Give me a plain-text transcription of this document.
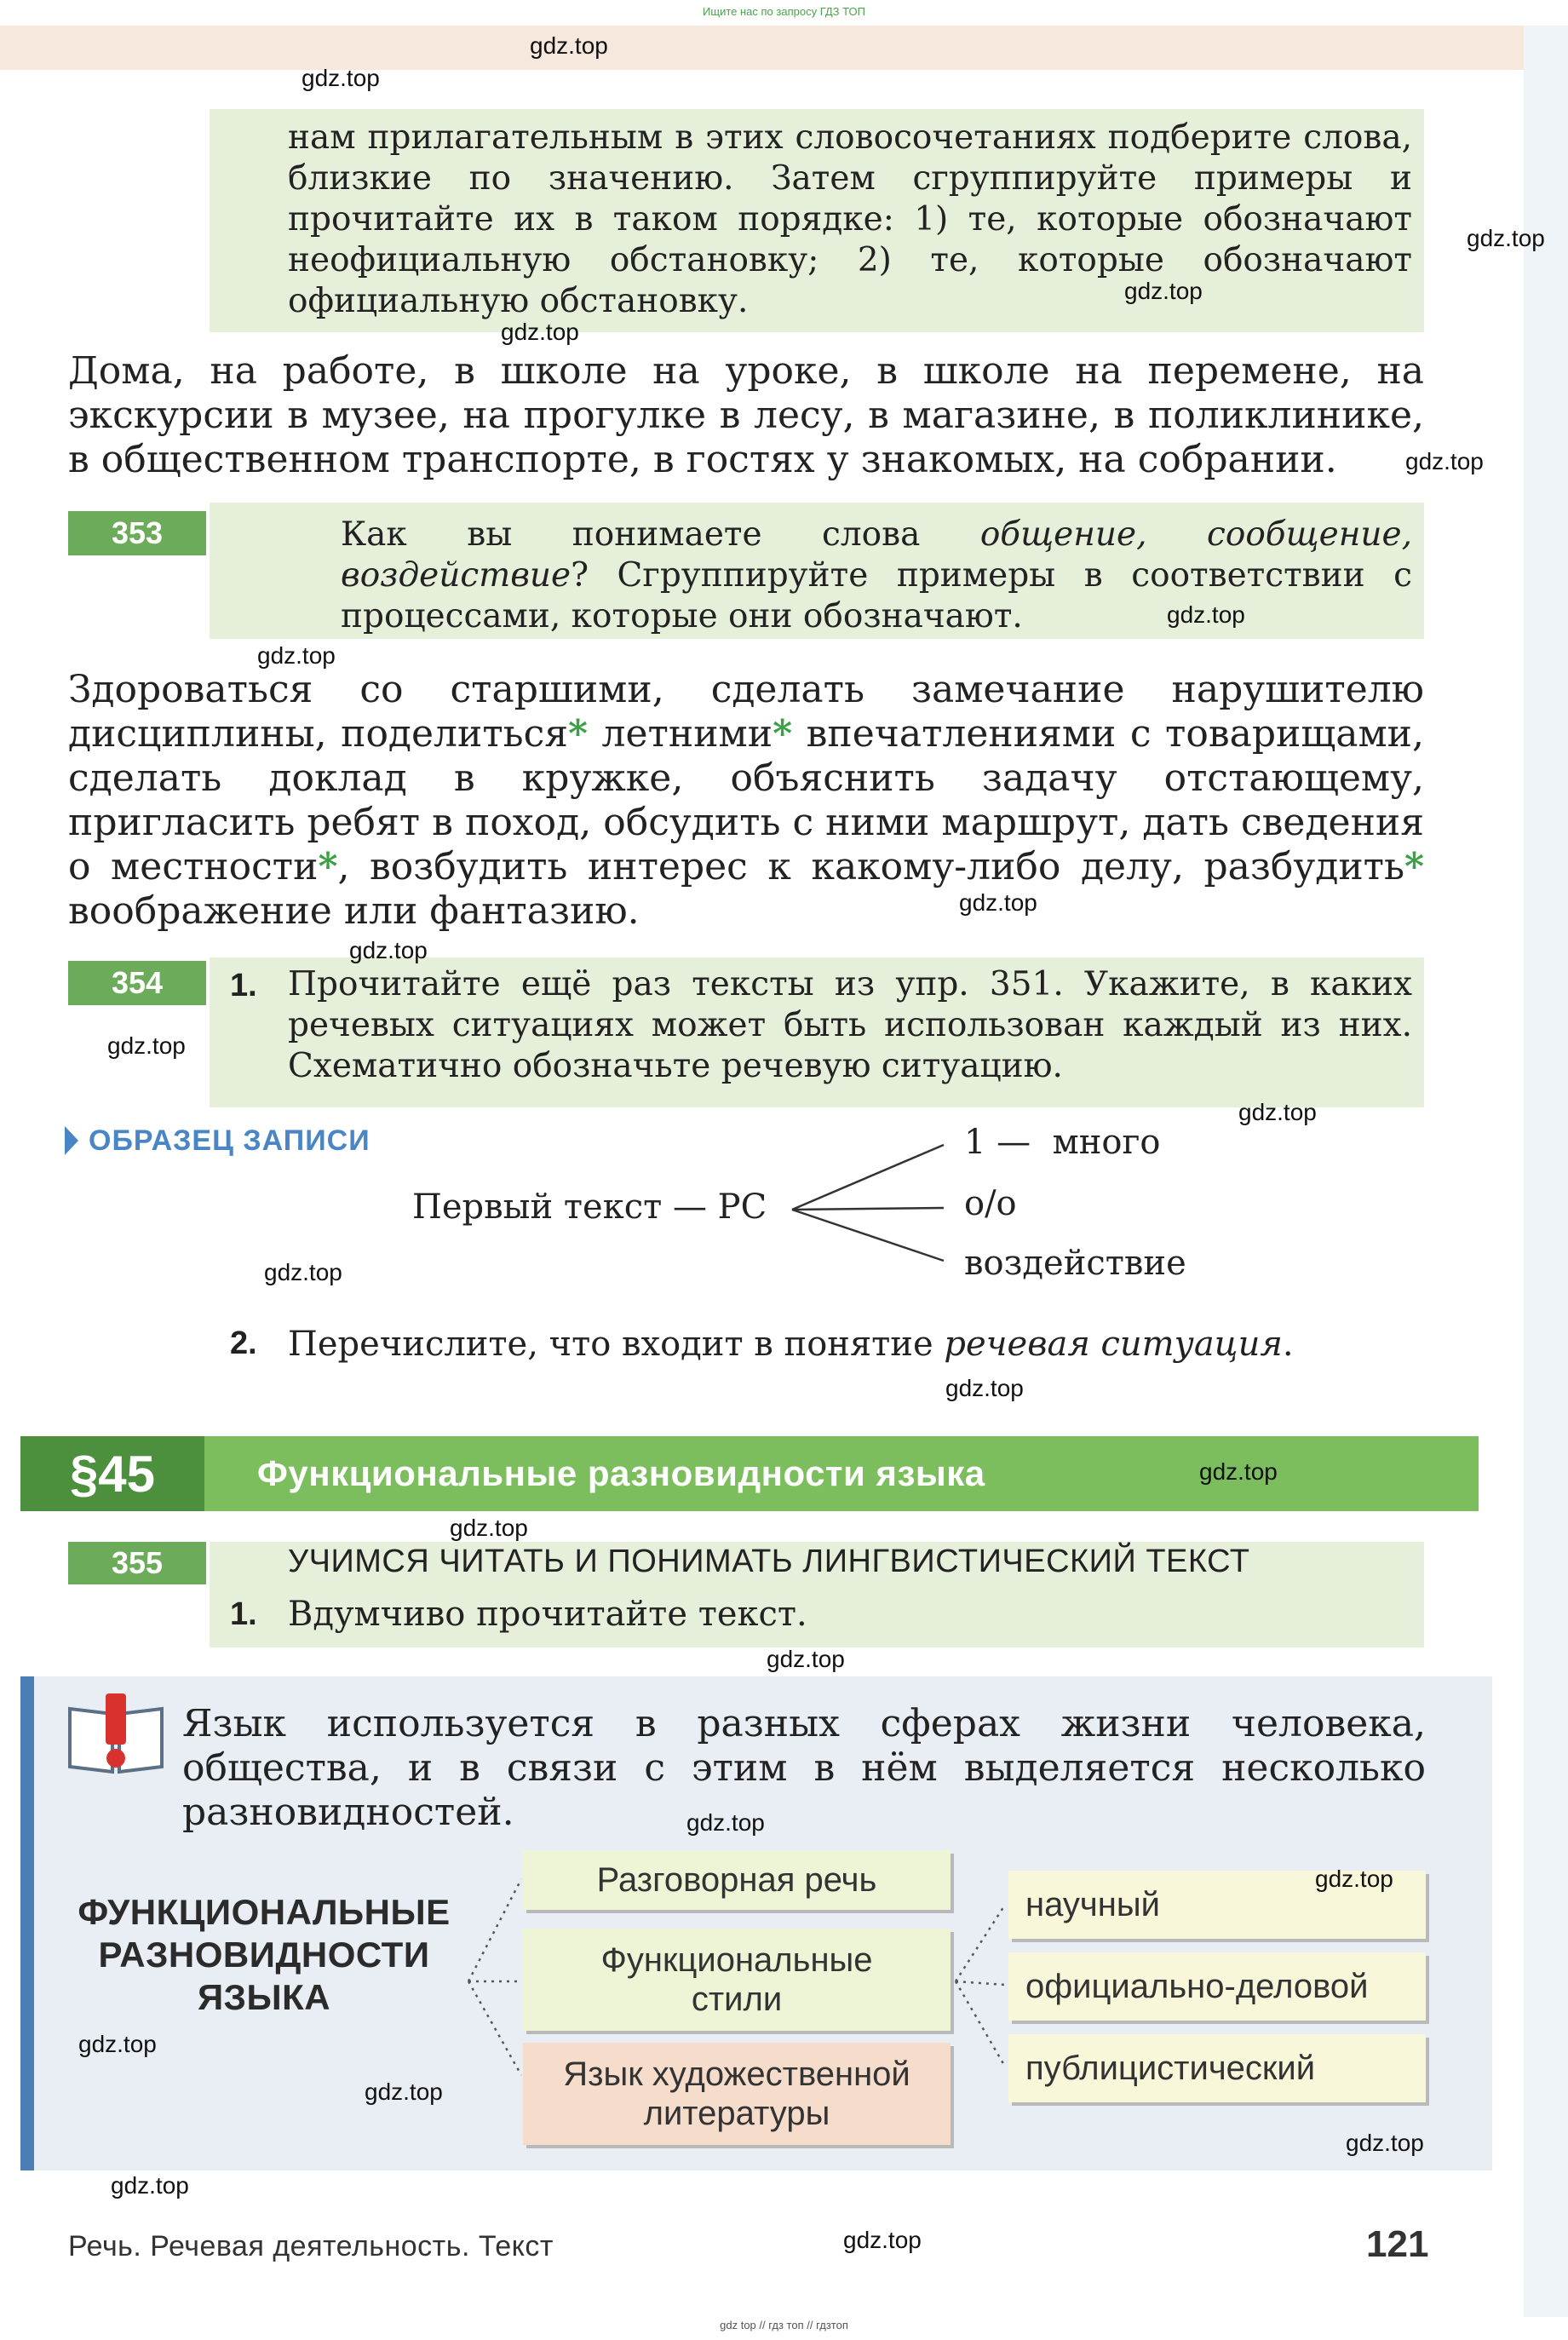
Ищите нас по запросу ГДЗ ТОП
нам прилагательным в этих словосочетаниях подберите слова, близкие по значению. Затем сгруппируйте примеры и прочитайте их в таком порядке: 1) те, которые обозначают неофициальную обстановку; 2) те, которые обозначают официальную обстановку.
Дома, на работе, в школе на уроке, в школе на перемене, на экскурсии в музее, на прогулке в лесу, в магазине, в поликлинике, в общественном транспорте, в гостях у знакомых, на собрании.
353	Как вы понимаете слова общение, сообщение, воздействие? Сгруппируйте примеры в соответствии с процессами, которые они обозначают.
Здороваться со старшими, сделать замечание нарушителю дисциплины, поделиться* летними* впечатлениями с товарищами, сделать доклад в кружке, объяснить задачу отстающему, пригласить ребят в поход, обсудить с ними маршрут, дать сведения о местности*, возбудить интерес к какому-либо делу, разбудить* воображение или фантазию.
354	1. Прочитайте ещё раз тексты из упр. 351. Укажите, в каких речевых ситуациях может быть использован каждый из них. Схематично обозначьте речевую ситуацию.
ОБРАЗЕЦ ЗАПИСИ
Первый текст — РС
1 —  много
о/о
воздействие
2. Перечислите, что входит в понятие речевая ситуация.
§45	Функциональные разновидности языка
355	УЧИМСЯ ЧИТАТЬ И ПОНИМАТЬ ЛИНГВИСТИЧЕСКИЙ ТЕКСТ
1. Вдумчиво прочитайте текст.
Язык используется в разных сферах жизни человека, общества, и в связи с этим в нём выделяется несколько разновидностей.
ФУНКЦИОНАЛЬНЫЕ
РАЗНОВИДНОСТИ
ЯЗЫКА
Разговорная речь
Функциональные
стили
Язык художественной
литературы
научный
официально-деловой
публицистический
Речь. Речевая деятельность. Текст	121
gdz top // гдз топ // гдзтоп
gdz.top
gdz.top
gdz.top
gdz.top
gdz.top
gdz.top
gdz.top
gdz.top
gdz.top
gdz.top
gdz.top
gdz.top
gdz.top
gdz.top
gdz.top
gdz.top
gdz.top
gdz.top
gdz.top
gdz.top
gdz.top
gdz.top
gdz.top
gdz.top
